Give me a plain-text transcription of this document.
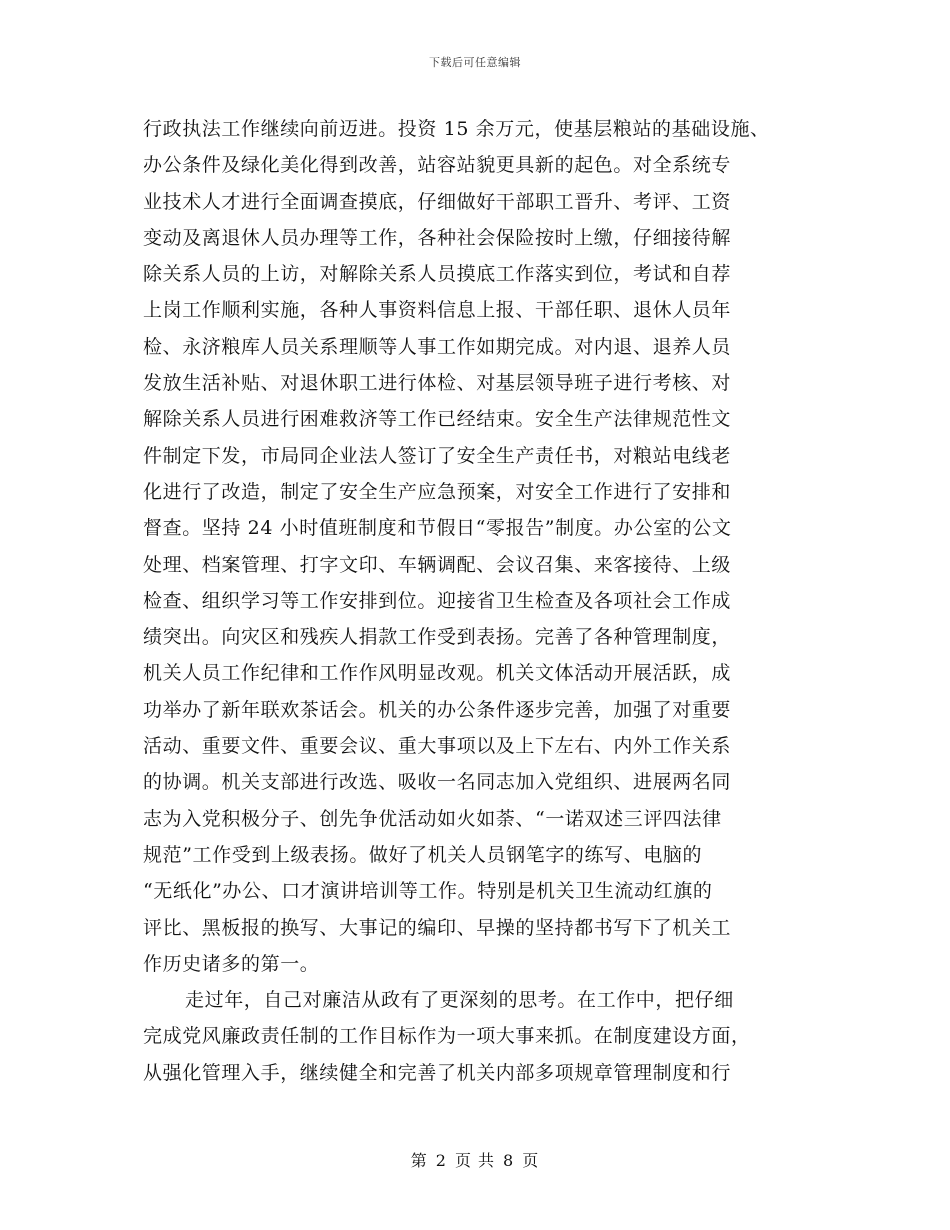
下载后可任意编辑
行政执法工作继续向前迈进。投资 15 余万元，使基层粮站的基础设施、
办公条件及绿化美化得到改善，站容站貌更具新的起色。对全系统专
业技术人才进行全面调查摸底，仔细做好干部职工晋升、考评、工资
变动及离退休人员办理等工作，各种社会保险按时上缴，仔细接待解
除关系人员的上访，对解除关系人员摸底工作落实到位，考试和自荐
上岗工作顺利实施，各种人事资料信息上报、干部任职、退休人员年
检、永济粮库人员关系理顺等人事工作如期完成。对内退、退养人员
发放生活补贴、对退休职工进行体检、对基层领导班子进行考核、对
解除关系人员进行困难救济等工作已经结束。安全生产法律规范性文
件制定下发，市局同企业法人签订了安全生产责任书，对粮站电线老
化进行了改造，制定了安全生产应急预案，对安全工作进行了安排和
督查。坚持 24 小时值班制度和节假日“零报告”制度。办公室的公文
处理、档案管理、打字文印、车辆调配、会议召集、来客接待、上级
检查、组织学习等工作安排到位。迎接省卫生检查及各项社会工作成
绩突出。向灾区和残疾人捐款工作受到表扬。完善了各种管理制度，
机关人员工作纪律和工作作风明显改观。机关文体活动开展活跃，成
功举办了新年联欢茶话会。机关的办公条件逐步完善，加强了对重要
活动、重要文件、重要会议、重大事项以及上下左右、内外工作关系
的协调。机关支部进行改选、吸收一名同志加入党组织、进展两名同
志为入党积极分子、创先争优活动如火如荼、“一诺双述三评四法律
规范”工作受到上级表扬。做好了机关人员钢笔字的练写、电脑的
“无纸化”办公、口才演讲培训等工作。特别是机关卫生流动红旗的
评比、黑板报的换写、大事记的编印、早操的坚持都书写下了机关工
作历史诸多的第一。
走过年，自己对廉洁从政有了更深刻的思考。在工作中，把仔细
完成党风廉政责任制的工作目标作为一项大事来抓。在制度建设方面，
从强化管理入手，继续健全和完善了机关内部多项规章管理制度和行
第 2 页 共 8 页
